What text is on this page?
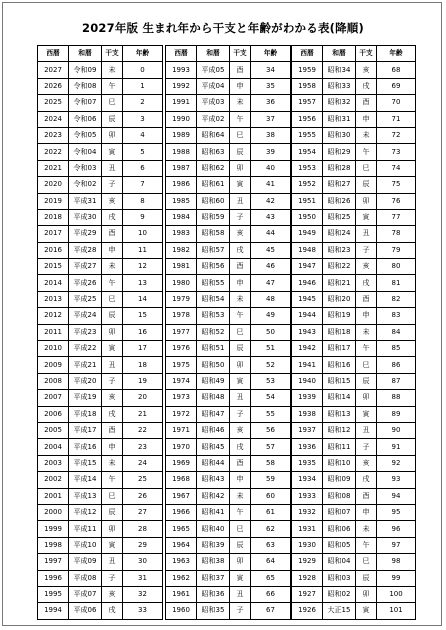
2027年版 生まれ年から干支と年齢がわかる表(降順)
西暦	和暦	干支	年齢
2027	令和09	未	0
2026	令和08	午	1
2025	令和07	巳	2
2024	令和06	辰	3
2023	令和05	卯	4
2022	令和04	寅	5
2021	令和03	丑	6
2020	令和02	子	7
2019	平成31	亥	8
2018	平成30	戌	9
2017	平成29	酉	10
2016	平成28	申	11
2015	平成27	未	12
2014	平成26	午	13
2013	平成25	巳	14
2012	平成24	辰	15
2011	平成23	卯	16
2010	平成22	寅	17
2009	平成21	丑	18
2008	平成20	子	19
2007	平成19	亥	20
2006	平成18	戌	21
2005	平成17	酉	22
2004	平成16	申	23
2003	平成15	未	24
2002	平成14	午	25
2001	平成13	巳	26
2000	平成12	辰	27
1999	平成11	卯	28
1998	平成10	寅	29
1997	平成09	丑	30
1996	平成08	子	31
1995	平成07	亥	32
1994	平成06	戌	33
西暦	和暦	干支	年齢
1993	平成05	酉	34
1992	平成04	申	35
1991	平成03	未	36
1990	平成02	午	37
1989	昭和64	巳	38
1988	昭和63	辰	39
1987	昭和62	卯	40
1986	昭和61	寅	41
1985	昭和60	丑	42
1984	昭和59	子	43
1983	昭和58	亥	44
1982	昭和57	戌	45
1981	昭和56	酉	46
1980	昭和55	申	47
1979	昭和54	未	48
1978	昭和53	午	49
1977	昭和52	巳	50
1976	昭和51	辰	51
1975	昭和50	卯	52
1974	昭和49	寅	53
1973	昭和48	丑	54
1972	昭和47	子	55
1971	昭和46	亥	56
1970	昭和45	戌	57
1969	昭和44	酉	58
1968	昭和43	申	59
1967	昭和42	未	60
1966	昭和41	午	61
1965	昭和40	巳	62
1964	昭和39	辰	63
1963	昭和38	卯	64
1962	昭和37	寅	65
1961	昭和36	丑	66
1960	昭和35	子	67
西暦	和暦	干支	年齢
1959	昭和34	亥	68
1958	昭和33	戌	69
1957	昭和32	酉	70
1956	昭和31	申	71
1955	昭和30	未	72
1954	昭和29	午	73
1953	昭和28	巳	74
1952	昭和27	辰	75
1951	昭和26	卯	76
1950	昭和25	寅	77
1949	昭和24	丑	78
1948	昭和23	子	79
1947	昭和22	亥	80
1946	昭和21	戌	81
1945	昭和20	酉	82
1944	昭和19	申	83
1943	昭和18	未	84
1942	昭和17	午	85
1941	昭和16	巳	86
1940	昭和15	辰	87
1939	昭和14	卯	88
1938	昭和13	寅	89
1937	昭和12	丑	90
1936	昭和11	子	91
1935	昭和10	亥	92
1934	昭和09	戌	93
1933	昭和08	酉	94
1932	昭和07	申	95
1931	昭和06	未	96
1930	昭和05	午	97
1929	昭和04	巳	98
1928	昭和03	辰	99
1927	昭和02	卯	100
1926	大正15	寅	101
